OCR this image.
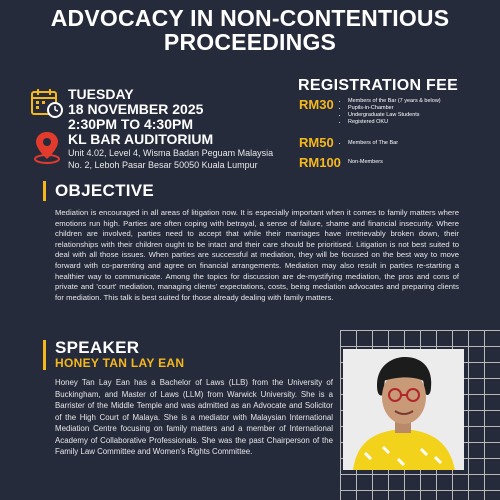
ADVOCACY IN NON-CONTENTIOUS PROCEEDINGS
TUESDAY
18 NOVEMBER 2025
2:30PM TO 4:30PM
KL BAR AUDITORIUM
Unit 4.02, Level 4, Wisma Badan Peguam Malaysia
No. 2, Leboh Pasar Besar 50050 Kuala Lumpur
REGISTRATION FEE
RM30	• Members of the Bar (7 years & below)
• Pupils-in-Chamber
• Undergraduate Law Students
• Registered OKU
RM50	• Members of The Bar
RM100 • Non-Members
OBJECTIVE

Mediation is encouraged in all areas of litigation now. It is especially important when it comes to family matters where emotions run high. Parties are often coping with betrayal, a sense of failure, shame and financial insecurity. Where children are involved, parties need to accept that while their marriages have irretrievably broken down, their relationships with their children ought to be intact and their care should be prioritised. Litigation is not best suited to deal with all those issues. When parties are successful at mediation, they will be focused on the best way to move forward with co-parenting and agree on financial arrangements. Mediation may also result in parties re-starting a healthier way to communicate. Among the topics for discussion are de-mystifying mediation, the pros and cons of private and 'court' mediation, managing clients' expectations, costs, being mediation advocates and preparing clients for mediation. This talk is best suited for those already dealing with family matters.

SPEAKER
HONEY TAN LAY EAN

Honey Tan Lay Ean has a Bachelor of Laws (LLB) from the University of Buckingham, and Master of Laws (LLM) from Warwick University. She is a Barrister of the Middle Temple and was admitted as an Advocate and Solicitor of the High Court of Malaya. She is a mediator with Malaysian International Mediation Centre focusing on family matters and a member of International Academy of Collaborative Professionals. She was the past Chairperson of the Family Law Committee and Women's Rights Committee.
